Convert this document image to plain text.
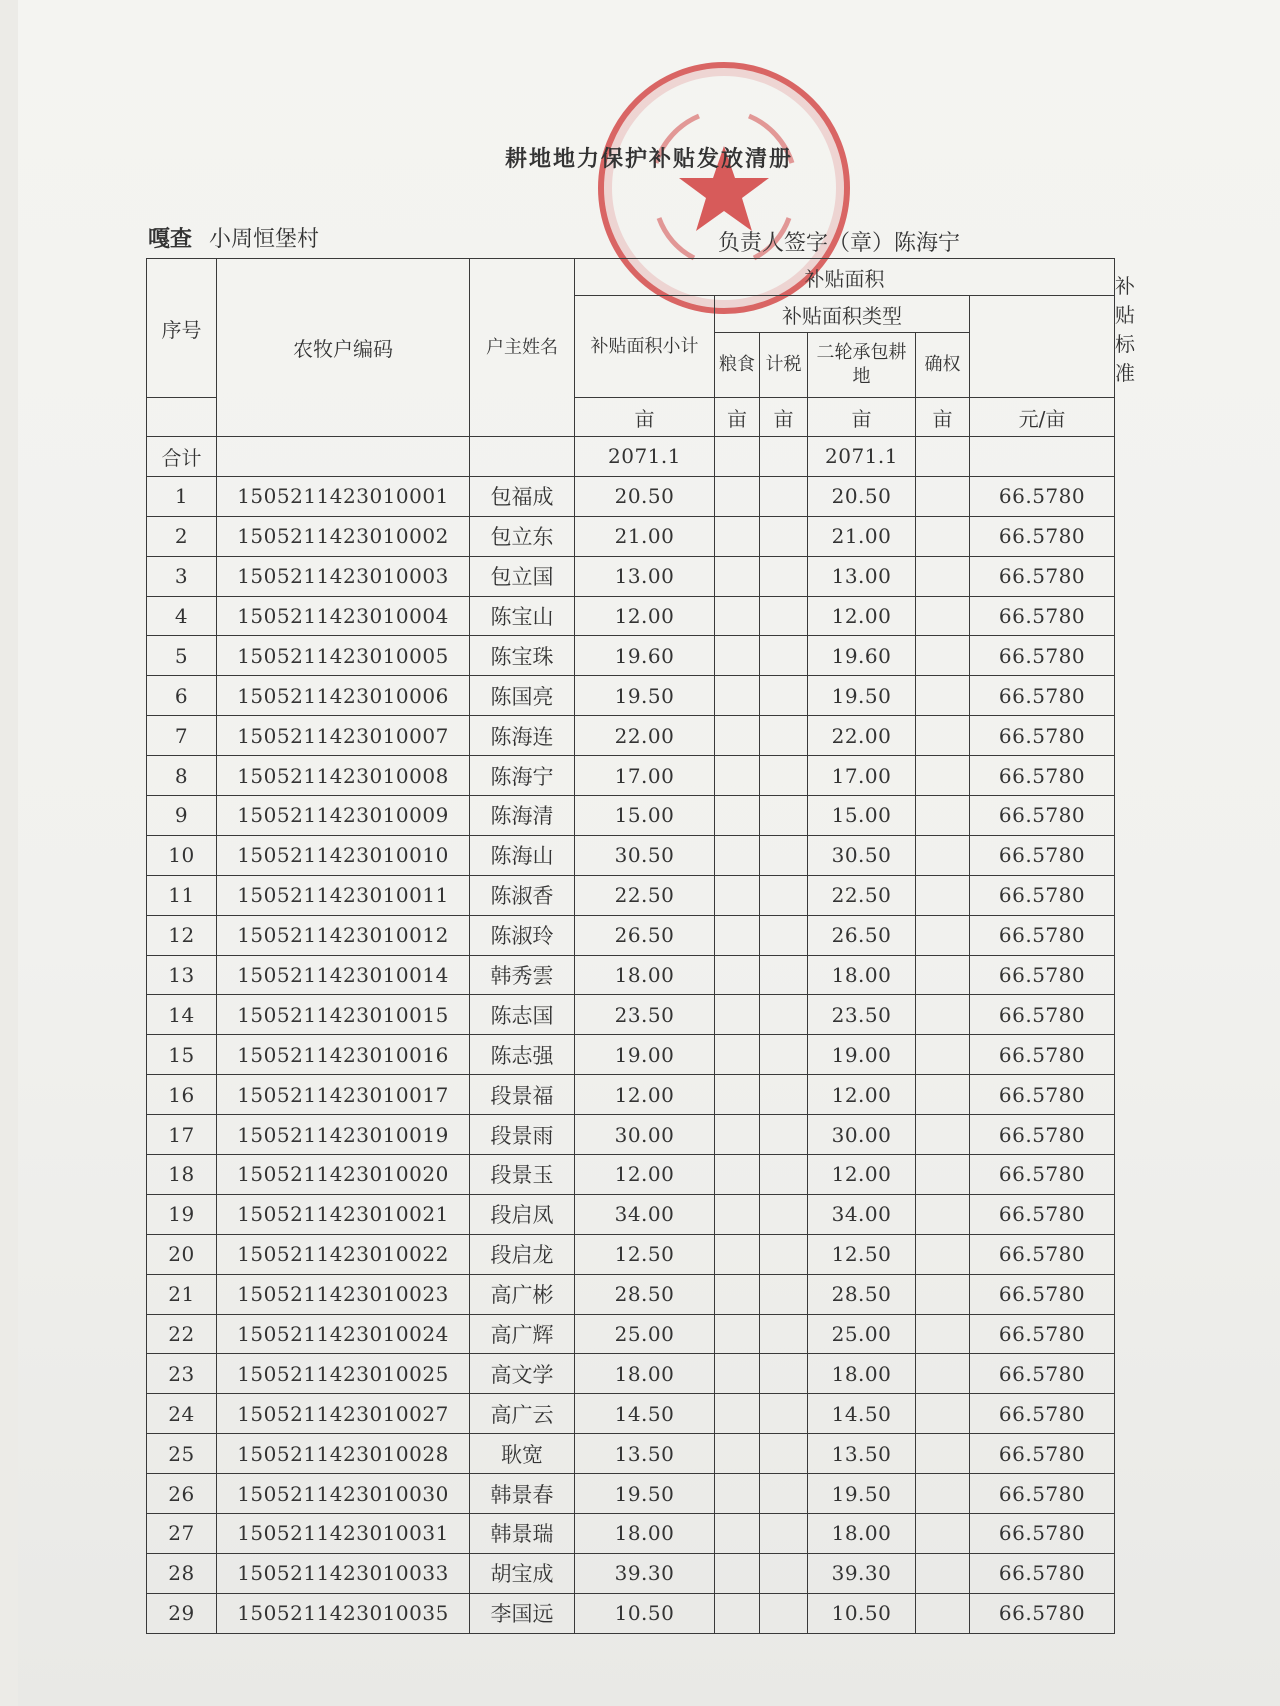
耕地地力保护补贴发放清册
嘎查 小周恒堡村	负责人签字（章）陈海宁
序号	农牧户编码	户主姓名	补贴面积						补贴标准
			补贴面积小计	补贴面积类型					
				粮食	计税	二轮承包耕地	确权		
			亩	亩	亩	亩	亩	元/亩	
合计			2071.1			2071.1			
1	1505211423010001	包福成	20.50			20.50		66.5780	
2	1505211423010002	包立东	21.00			21.00		66.5780	
3	1505211423010003	包立国	13.00			13.00		66.5780	
4	1505211423010004	陈宝山	12.00			12.00		66.5780	
5	1505211423010005	陈宝珠	19.60			19.60		66.5780	
6	1505211423010006	陈国亮	19.50			19.50		66.5780	
7	1505211423010007	陈海连	22.00			22.00		66.5780	
8	1505211423010008	陈海宁	17.00			17.00		66.5780	
9	1505211423010009	陈海清	15.00			15.00		66.5780	
10	1505211423010010	陈海山	30.50			30.50		66.5780	
11	1505211423010011	陈淑香	22.50			22.50		66.5780	
12	1505211423010012	陈淑玲	26.50			26.50		66.5780	
13	1505211423010014	韩秀雲	18.00			18.00		66.5780	
14	1505211423010015	陈志国	23.50			23.50		66.5780	
15	1505211423010016	陈志强	19.00			19.00		66.5780	
16	1505211423010017	段景福	12.00			12.00		66.5780	
17	1505211423010019	段景雨	30.00			30.00		66.5780	
18	1505211423010020	段景玉	12.00			12.00		66.5780	
19	1505211423010021	段启凤	34.00			34.00		66.5780	
20	1505211423010022	段启龙	12.50			12.50		66.5780	
21	1505211423010023	高广彬	28.50			28.50		66.5780	
22	1505211423010024	高广辉	25.00			25.00		66.5780	
23	1505211423010025	高文学	18.00			18.00		66.5780	
24	1505211423010027	高广云	14.50			14.50		66.5780	
25	1505211423010028	耿宽	13.50			13.50		66.5780	
26	1505211423010030	韩景春	19.50			19.50		66.5780	
27	1505211423010031	韩景瑞	18.00			18.00		66.5780	
28	1505211423010033	胡宝成	39.30			39.30		66.5780	
29	1505211423010035	李国远	10.50			10.50		66.5780	
